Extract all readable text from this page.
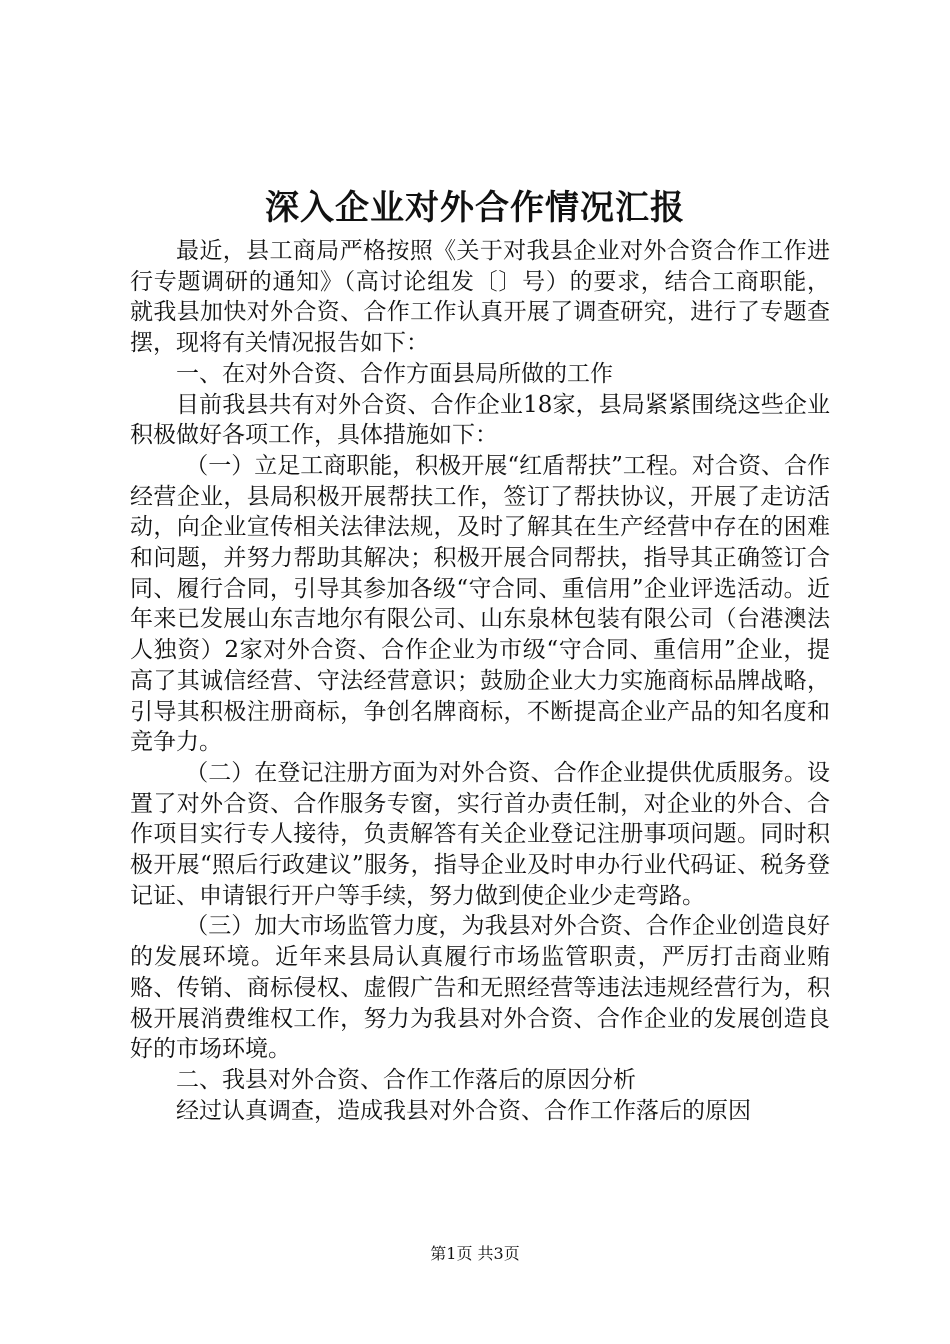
深入企业对外合作情况汇报

最近，县工商局严格按照《关于对我县企业对外合资合作工作进行专题调研的通知》（高讨论组发〔〕号）的要求，结合工商职能，就我县加快对外合资、合作工作认真开展了调查研究，进行了专题查摆，现将有关情况报告如下：

一、在对外合资、合作方面县局所做的工作

目前我县共有对外合资、合作企业18家，县局紧紧围绕这些企业积极做好各项工作，具体措施如下：

（一）立足工商职能，积极开展“红盾帮扶”工程。对合资、合作经营企业，县局积极开展帮扶工作，签订了帮扶协议，开展了走访活动，向企业宣传相关法律法规，及时了解其在生产经营中存在的困难和问题，并努力帮助其解决；积极开展合同帮扶，指导其正确签订合同、履行合同，引导其参加各级“守合同、重信用”企业评选活动。近年来已发展山东吉地尔有限公司、山东泉林包装有限公司（台港澳法人独资）2家对外合资、合作企业为市级“守合同、重信用”企业，提高了其诚信经营、守法经营意识；鼓励企业大力实施商标品牌战略，引导其积极注册商标，争创名牌商标，不断提高企业产品的知名度和竞争力。

（二）在登记注册方面为对外合资、合作企业提供优质服务。设置了对外合资、合作服务专窗，实行首办责任制，对企业的外合、合作项目实行专人接待，负责解答有关企业登记注册事项问题。同时积极开展“照后行政建议”服务，指导企业及时申办行业代码证、税务登记证、申请银行开户等手续，努力做到使企业少走弯路。

（三）加大市场监管力度，为我县对外合资、合作企业创造良好的发展环境。近年来县局认真履行市场监管职责，严厉打击商业贿赂、传销、商标侵权、虚假广告和无照经营等违法违规经营行为，积极开展消费维权工作，努力为我县对外合资、合作企业的发展创造良好的市场环境。

二、我县对外合资、合作工作落后的原因分析

经过认真调查，造成我县对外合资、合作工作落后的原因

第1页 共3页
